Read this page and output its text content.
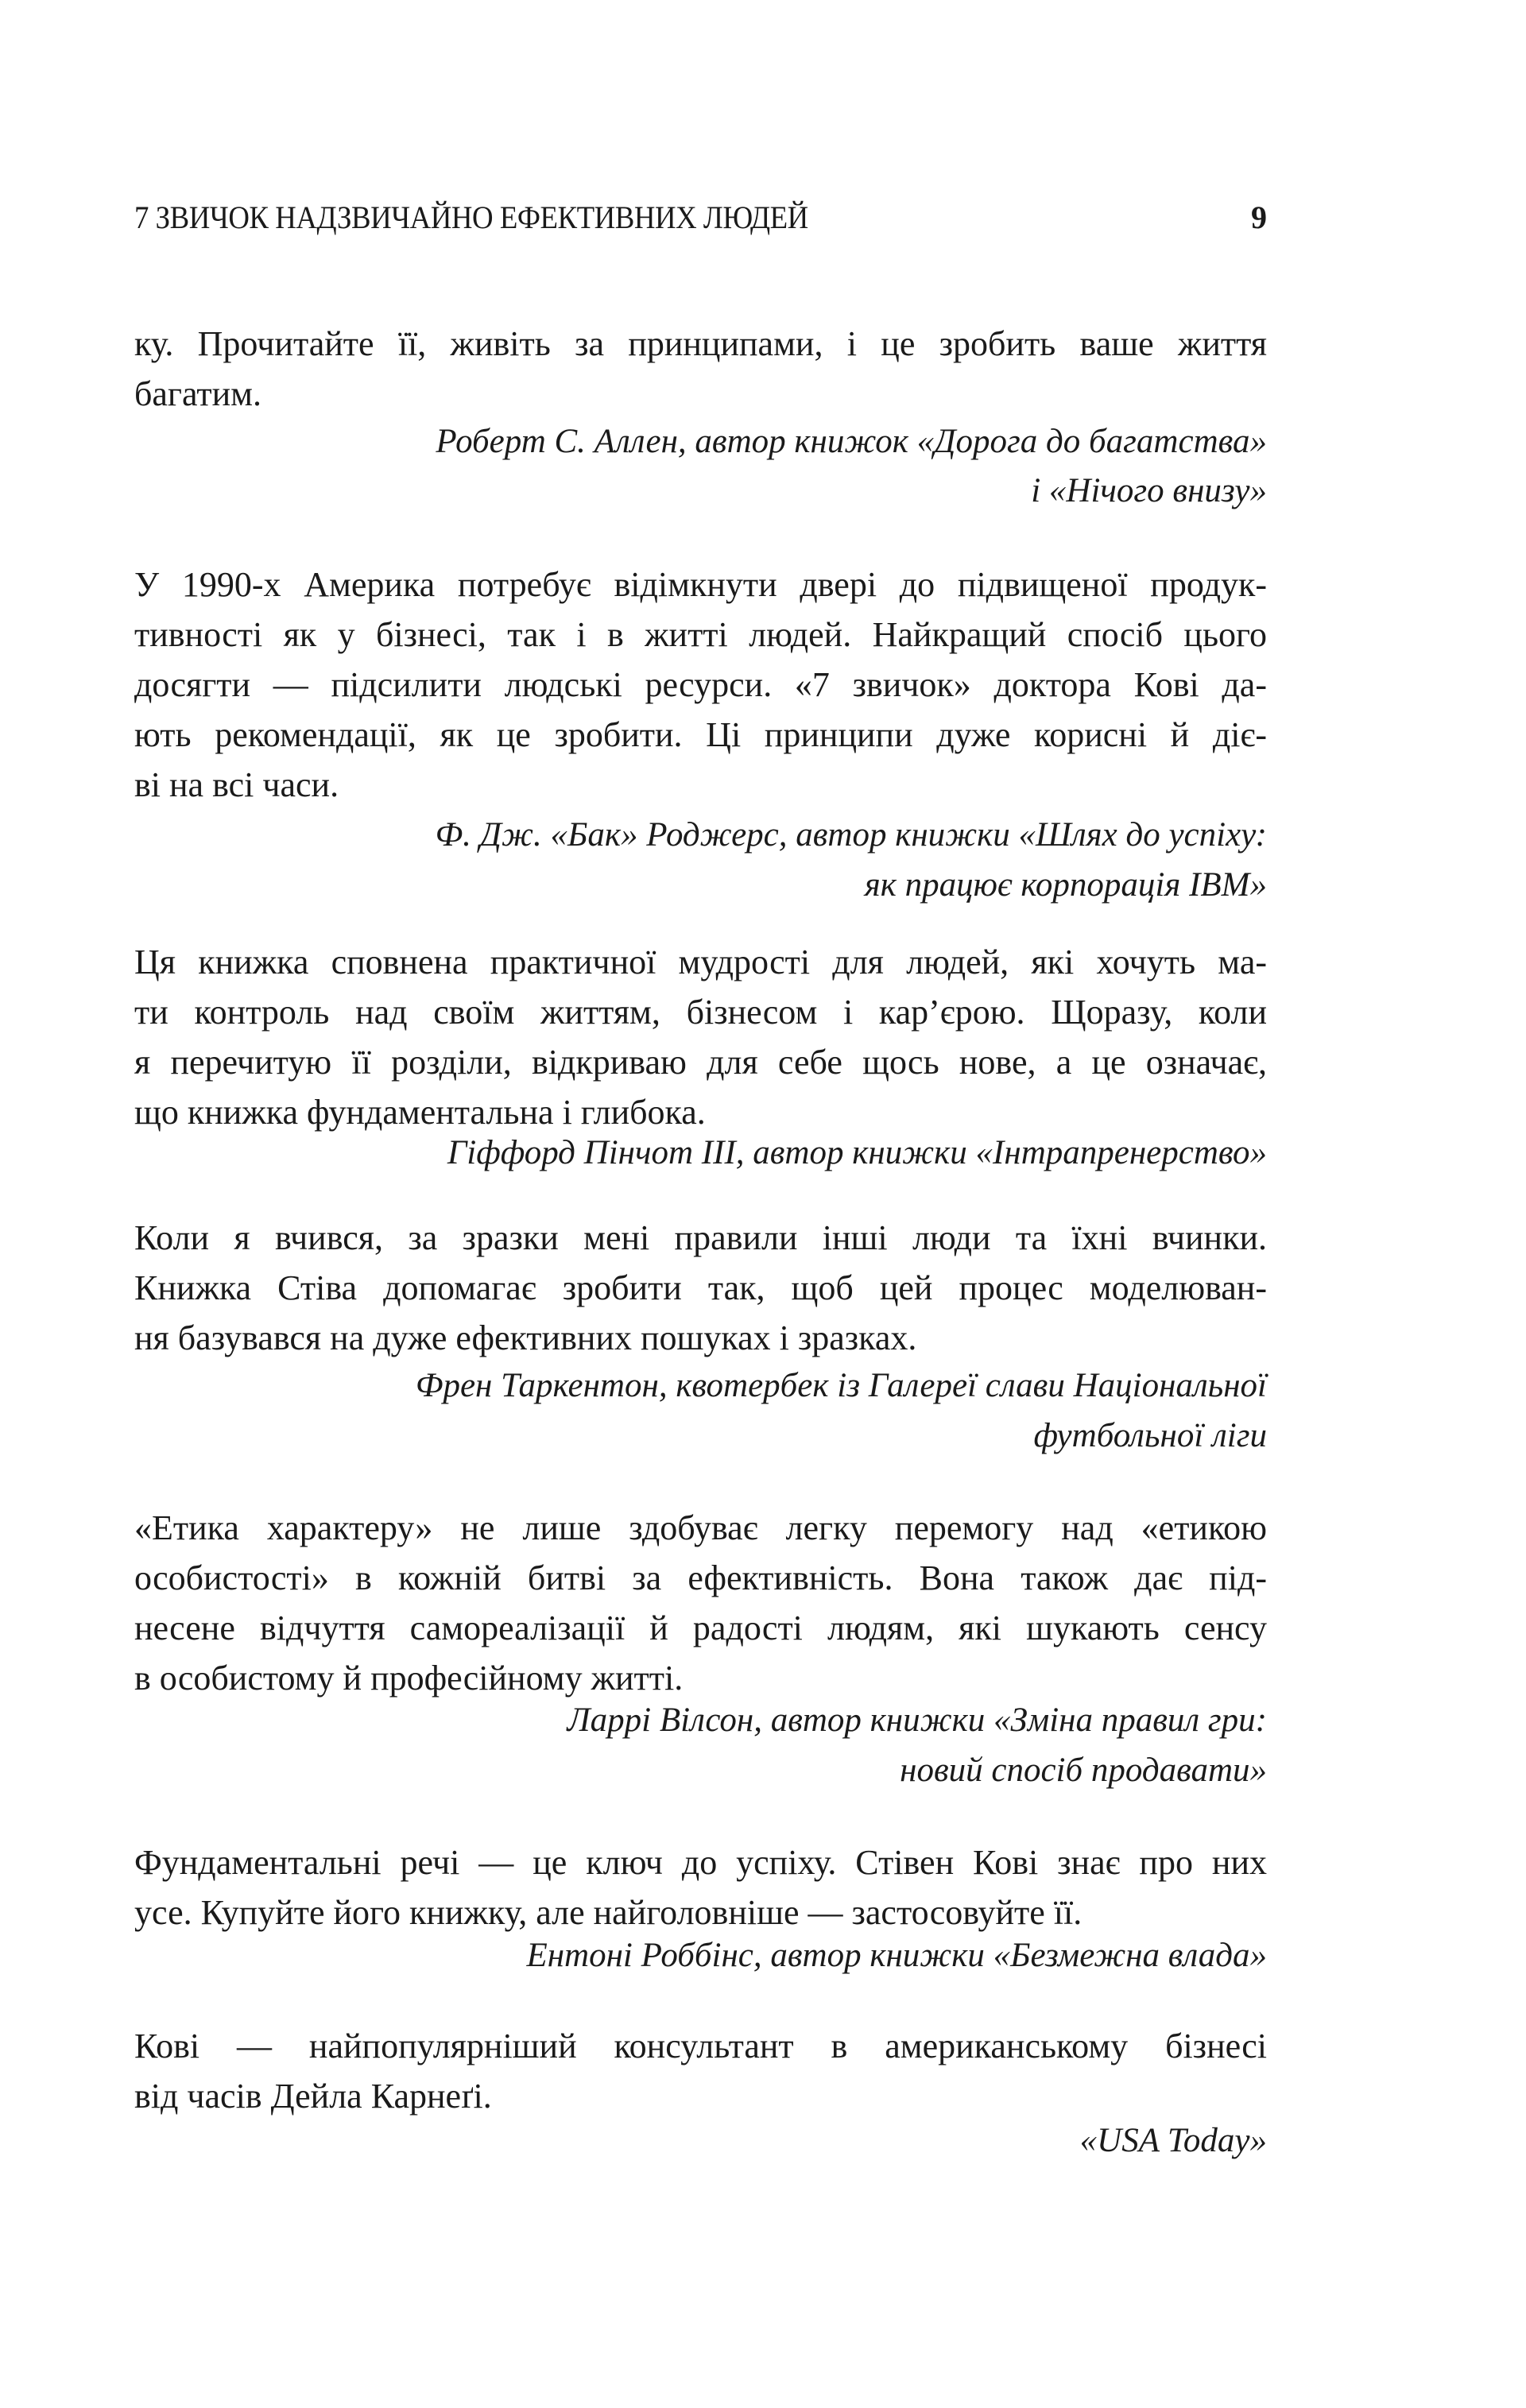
7 ЗВИЧОК НАДЗВИЧАЙНО ЕФЕКТИВНИХ ЛЮДЕЙ	9
ку. Прочитайте її, живіть за принципами, і це зробить ваше життя
багатим.
Роберт С. Аллен, автор книжок «Дорога до багатства»
і «Нічого внизу»
У 1990-х Америка потребує відімкнути двері до підвищеної продук-
тивності як у бізнесі, так і в житті людей. Найкращий спосіб цього
досягти — підсилити людські ресурси. «7 звичок» доктора Кові да-
ють рекомендації, як це зробити. Ці принципи дуже корисні й діє-
ві на всі часи.
Ф. Дж. «Бак» Роджерс, автор книжки «Шлях до успіху:
як працює корпорація IBM»
Ця книжка сповнена практичної мудрості для людей, які хочуть ма-
ти контроль над своїм життям, бізнесом і кар’єрою. Щоразу, коли
я перечитую її розділи, відкриваю для себе щось нове, а це означає,
що книжка фундаментальна і глибока.
Гіффорд Пінчот III, автор книжки «Інтрапренерство»
Коли я вчився, за зразки мені правили інші люди та їхні вчинки.
Книжка Стіва допомагає зробити так, щоб цей процес моделюван-
ня базувався на дуже ефективних пошуках і зразках.
Френ Таркентон, квотербек із Галереї слави Національної
футбольної ліги
«Етика характеру» не лише здобуває легку перемогу над «етикою
особистості» в кожній битві за ефективність. Вона також дає під-
несене відчуття самореалізації й радості людям, які шукають сенсу
в особистому й професійному житті.
Ларрі Вілсон, автор книжки «Зміна правил гри:
новий спосіб продавати»
Фундаментальні речі — це ключ до успіху. Стівен Кові знає про них
усе. Купуйте його книжку, але найголовніше — застосовуйте її.
Ентоні Роббінс, автор книжки «Безмежна влада»
Кові — найпопулярніший консультант в американському бізнесі
від часів Дейла Карнеґі.
«USA Today»
